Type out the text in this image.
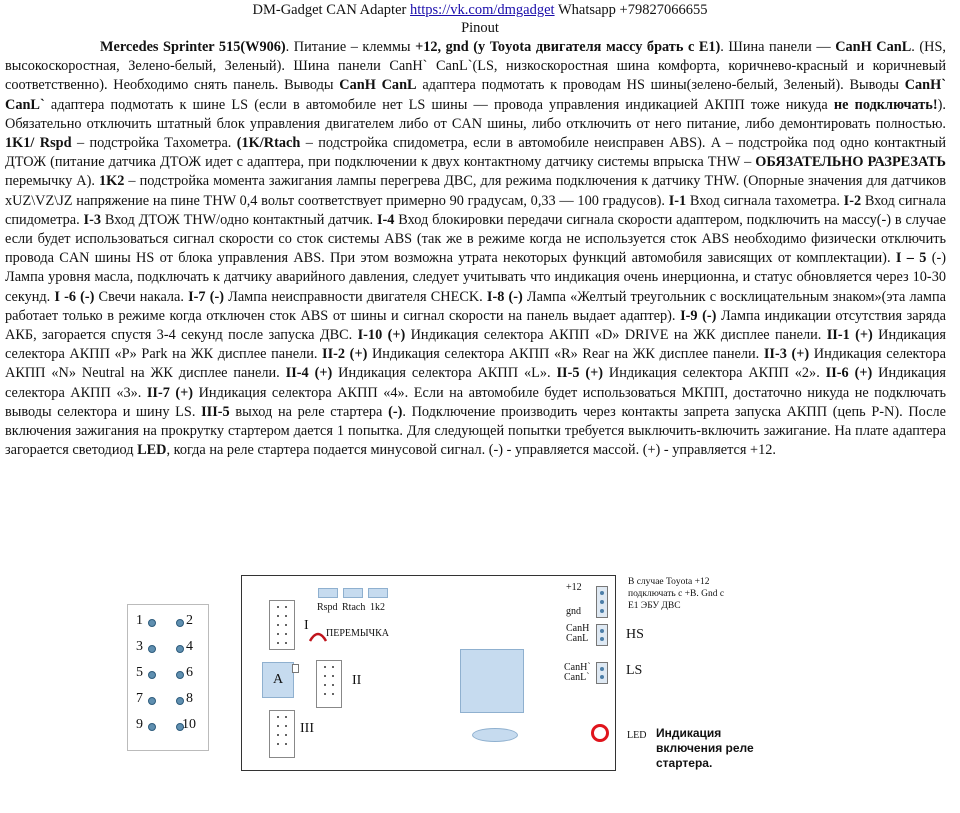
DM-Gadget CAN Adapter https://vk.com/dmgadget Whatsapp +79827066655
Pinout
Mercedes Sprinter 515(W906). Питание – клеммы +12, gnd (у Toyota двигателя массу брать с E1). Шина панели — CanH CanL. (HS, высокоскоростная, Зелено-белый, Зеленый). Шина панели CanH` CanL`(LS, низкоскоростная шина комфорта, коричнево-красный и коричневый соответственно). Необходимо снять панель. Выводы CanH CanL адаптера подмотать к проводам HS шины(зелено-белый, Зеленый). Выводы CanH` CanL` адаптера подмотать к шине LS (если в автомобиле нет LS шины — провода управления индикацией АКПП тоже никуда не подключать!). Обязательно отключить штатный блок управления двигателем либо от CAN шины, либо отключить от него питание, либо демонтировать полностью. 1K1/ Rspd – подстройка Тахометра. (1K/Rtach – подстройка спидометра, если в автомобиле неисправен ABS). A – подстройка под одно контактный ДТОЖ (питание датчика ДТОЖ идет с адаптера, при подключении к двух контактному датчику системы впрыска THW – ОБЯЗАТЕЛЬНО РАЗРЕЗАТЬ перемычку A). 1K2 – подстройка момента зажигания лампы перегрева ДВС, для режима подключения к датчику THW. (Опорные значения для датчиков xUZ\VZ\JZ напряжение на пине THW 0,4 вольт соответствует примерно 90 градусам, 0,33 — 100 градусов). I-1 Вход сигнала тахометра. I-2 Вход сигнала спидометра. I-3 Вход ДТОЖ THW/одно контактный датчик. I-4 Вход блокировки передачи сигнала скорости адаптером, подключить на массу(-) в случае если будет использоваться сигнал скорости со сток системы ABS (так же в режиме когда не используется сток ABS необходимо физически отключить провода CAN шины HS от блока управления ABS. При этом возможна утрата некоторых функций автомобиля зависящих от комплектации). I – 5 (-) Лампа уровня масла, подключать к датчику аварийного давления, следует учитывать что индикация очень инерционна, и статус обновляется через 10-30 секунд. I -6 (-) Свечи накала. I-7 (-) Лампа неисправности двигателя CHECK. I-8 (-) Лампа «Желтый треугольник с восклицательным знаком»(эта лампа работает только в режиме когда отключен сток ABS от шины и сигнал скорости на панель выдает адаптер). I-9 (-) Лампа индикации отсутствия заряда АКБ, загорается спустя 3-4 секунд после запуска ДВС. I-10 (+) Индикация селектора АКПП «D» DRIVE на ЖК дисплее панели. II-1 (+) Индикация селектора АКПП «P» Park на ЖК дисплее панели. II-2 (+) Индикация селектора АКПП «R» Rear на ЖК дисплее панели. II-3 (+) Индикация селектора АКПП «N» Neutral на ЖК дисплее панели. II-4 (+) Индикация селектора АКПП «L». II-5 (+) Индикация селектора АКПП «2». II-6 (+) Индикация селектора АКПП «3». II-7 (+) Индикация селектора АКПП «4». Если на автомобиле будет использоваться МКПП, достаточно никуда не подключать выводы селектора и шину LS. III-5 выход на реле стартера (-). Подключение производить через контакты запрета запуска АКПП (цепь P-N). После включения зажигания на прокрутку стартером дается 1 попытка. Для следующей попытки требуется выключить-включить зажигание. На плате адаптера загорается светодиод LED, когда на реле стартера подается минусовой сигнал. (-) - управляется массой. (+) - управляется +12.
1	2
3	4
5	6
7	8
9	10
Rspd Rtach 1k2
I
ПЕРЕМЫЧКА
A	II
III
+12
gnd
CanH
CanL
CanH`
CanL`
В случае Toyota +12
подключать с +B. Gnd с
E1 ЭБУ ДВС
HS
LS
LED Индикация
включения реле
стартера.
